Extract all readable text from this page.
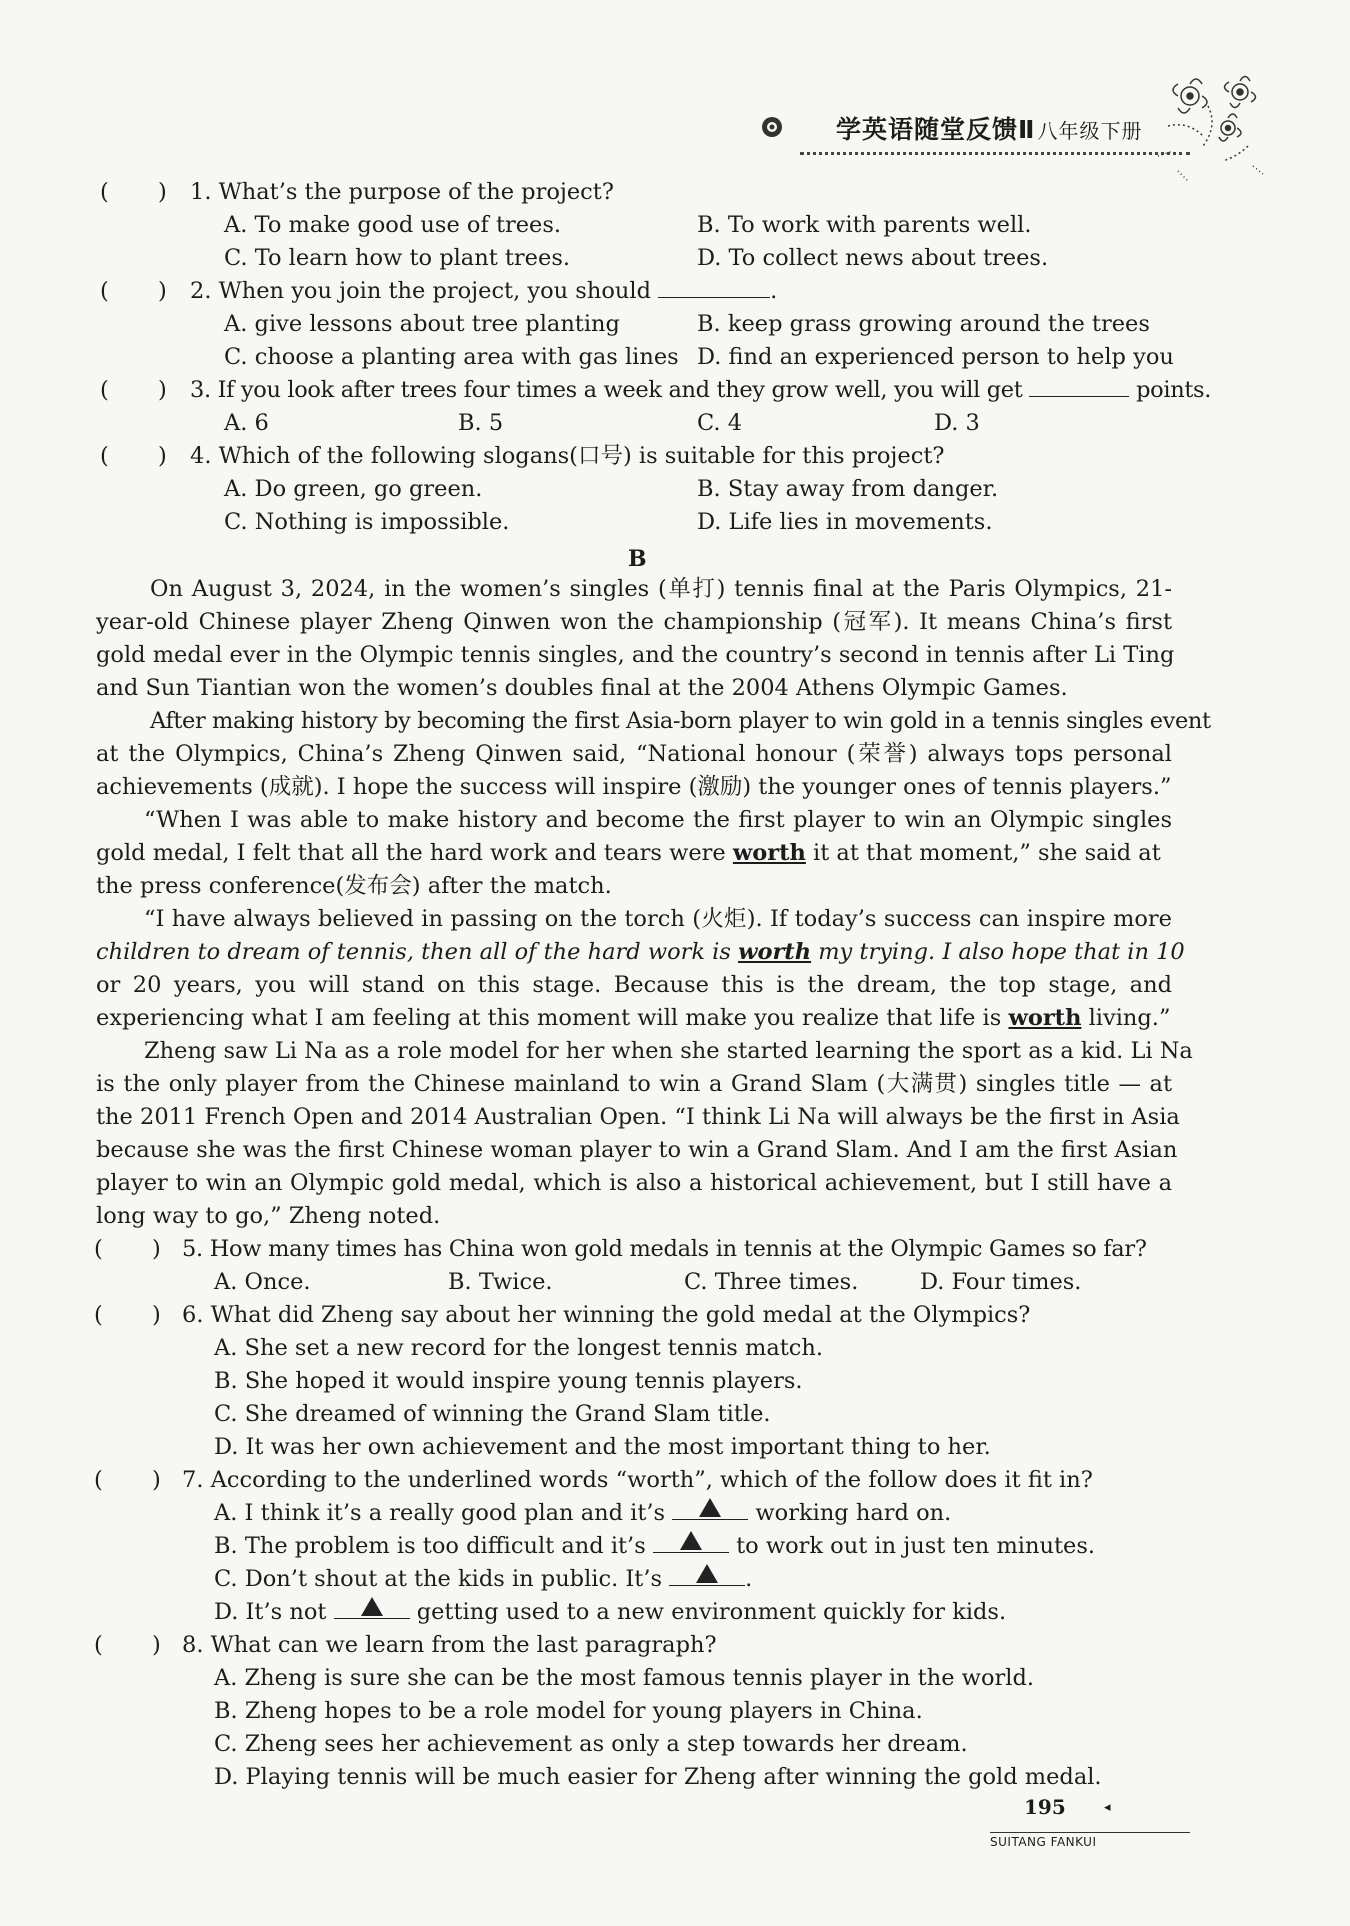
学英语随堂反馈Ⅱ 八年级下册
( ) 1. What’s the purpose of the project?
A. To make good use of trees.	B. To work with parents well.
C. To learn how to plant trees.	D. To collect news about trees.
( ) 2. When you join the project, you should	.
A. give lessons about tree planting	B. keep grass growing around the trees
C. choose a planting area with gas lines D. find an experienced person to help you
( ) 3. If you look after trees four times a week and they grow well, you will get	points.
A. 6	B. 5	C. 4	D. 3
( ) 4. Which of the following slogans(口号) is suitable for this project?
A. Do green, go green.	B. Stay away from danger.
C. Nothing is impossible.	D. Life lies in movements.
B
On August 3, 2024, in the women’s singles (单打) tennis final at the Paris Olympics, 21-
year-old Chinese player Zheng Qinwen won the championship (冠军). It means China’s first
gold medal ever in the Olympic tennis singles, and the country’s second in tennis after Li Ting
and Sun Tiantian won the women’s doubles final at the 2004 Athens Olympic Games.
After making history by becoming the first Asia-born player to win gold in a tennis singles event
at the Olympics, China’s Zheng Qinwen said, “National honour (荣誉) always tops personal
achievements (成就). I hope the success will inspire (激励) the younger ones of tennis players.”
“When I was able to make history and become the first player to win an Olympic singles
gold medal, I felt that all the hard work and tears were worth it at that moment,” she said at
the press conference(发布会) after the match.
“I have always believed in passing on the torch (火炬). If today’s success can inspire more
children to dream of tennis, then all of the hard work is worth my trying. I also hope that in 10
or 20 years, you will stand on this stage. Because this is the dream, the top stage, and
experiencing what I am feeling at this moment will make you realize that life is worth living.”
Zheng saw Li Na as a role model for her when she started learning the sport as a kid. Li Na
is the only player from the Chinese mainland to win a Grand Slam (大满贯) singles title — at
the 2011 French Open and 2014 Australian Open. “I think Li Na will always be the first in Asia
because she was the first Chinese woman player to win a Grand Slam. And I am the first Asian
player to win an Olympic gold medal, which is also a historical achievement, but I still have a
long way to go,” Zheng noted.
( ) 5. How many times has China won gold medals in tennis at the Olympic Games so far?
A. Once.	B. Twice.	C. Three times.	D. Four times.
( ) 6. What did Zheng say about her winning the gold medal at the Olympics?
A. She set a new record for the longest tennis match.
B. She hoped it would inspire young tennis players.
C. She dreamed of winning the Grand Slam title.
D. It was her own achievement and the most important thing to her.
( ) 7. According to the underlined words “worth”, which of the follow does it fit in?
A. I think it’s a really good plan and it’s	working hard on.
B. The problem is too difficult and it’s	to work out in just ten minutes.
C. Don’t shout at the kids in public. It’s	.
D. It’s not	getting used to a new environment quickly for kids.
( ) 8. What can we learn from the last paragraph?
A. Zheng is sure she can be the most famous tennis player in the world.
B. Zheng hopes to be a role model for young players in China.
C. Zheng sees her achievement as only a step towards her dream.
D. Playing tennis will be much easier for Zheng after winning the gold medal.
195	◂
SUITANG FANKUI
